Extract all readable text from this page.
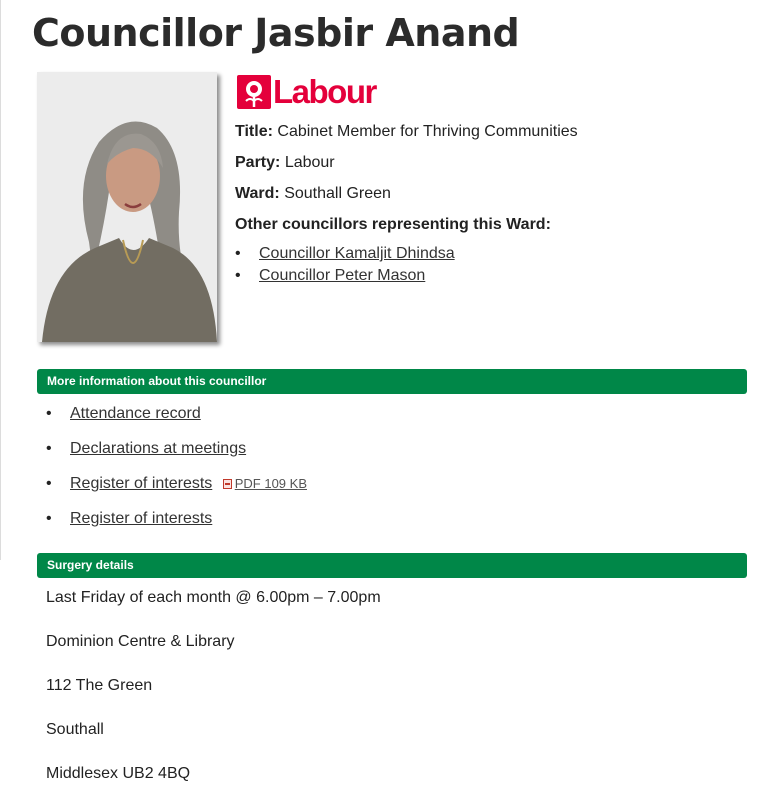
Councillor Jasbir Anand
Labour
Title: Cabinet Member for Thriving Communities
Party: Labour
Ward: Southall Green
Other councillors representing this Ward:
• Councillor Kamaljit Dhindsa
• Councillor Peter Mason
More information about this councillor
• Attendance record
• Declarations at meetings
• Register of interests PDF 109 KB
• Register of interests
Surgery details

Last Friday of each month @ 6.00pm – 7.00pm

Dominion Centre & Library

112 The Green

Southall

Middlesex UB2 4BQ
